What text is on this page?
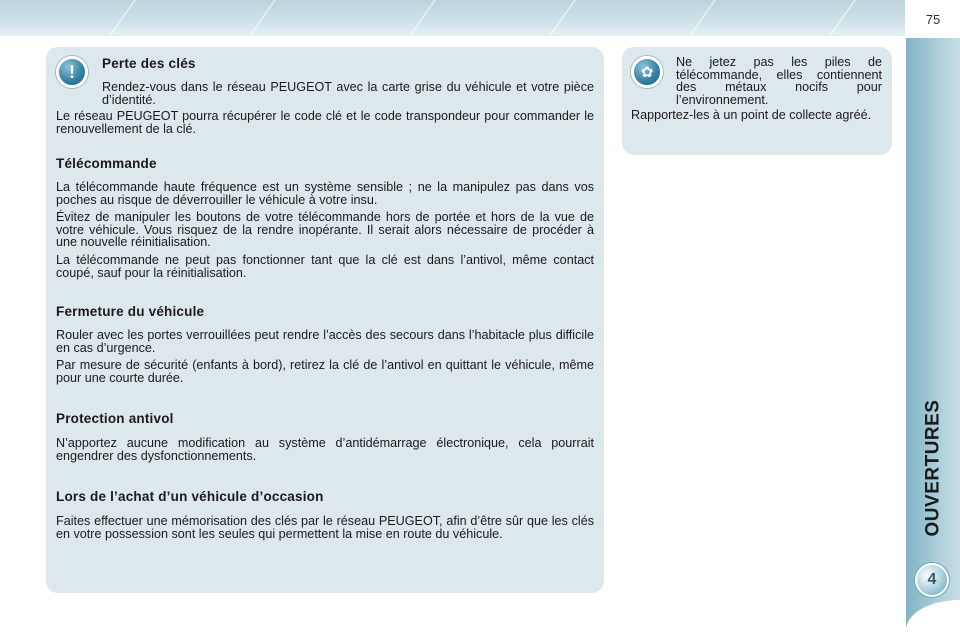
75
OUVERTURES
4
!	Perte des clés

Rendez-vous dans le réseau PEUGEOT avec la carte grise du véhicule et votre pièce d’identité.

Le réseau PEUGEOT pourra récupérer le code clé et le code transpondeur pour commander le renouvellement de la clé.

Télécommande

La télécommande haute fréquence est un système sensible ; ne la manipulez pas dans vos poches au risque de déverrouiller le véhicule à votre insu.

Évitez de manipuler les boutons de votre télécommande hors de portée et hors de la vue de votre véhicule. Vous risquez de la rendre inopérante. Il serait alors nécessaire de procéder à une nouvelle réinitialisation.

La télécommande ne peut pas fonctionner tant que la clé est dans l’antivol, même contact coupé, sauf pour la réinitialisation.

Fermeture du véhicule

Rouler avec les portes verrouillées peut rendre l’accès des secours dans l’habitacle plus difficile en cas d’urgence.

Par mesure de sécurité (enfants à bord), retirez la clé de l’antivol en quittant le véhicule, même pour une courte durée.

Protection antivol

N’apportez aucune modification au système d’antidémarrage électronique, cela pourrait engendrer des dysfonctionnements.

Lors de l’achat d’un véhicule d’occasion

Faites effectuer une mémorisation des clés par le réseau PEUGEOT, afin d’être sûr que les clés en votre possession sont les seules qui permettent la mise en route du véhicule.

✿

Ne jetez pas les piles de télécommande, elles contiennent des métaux nocifs pour l’environnement.

Rapportez-les à un point de collecte agréé.
